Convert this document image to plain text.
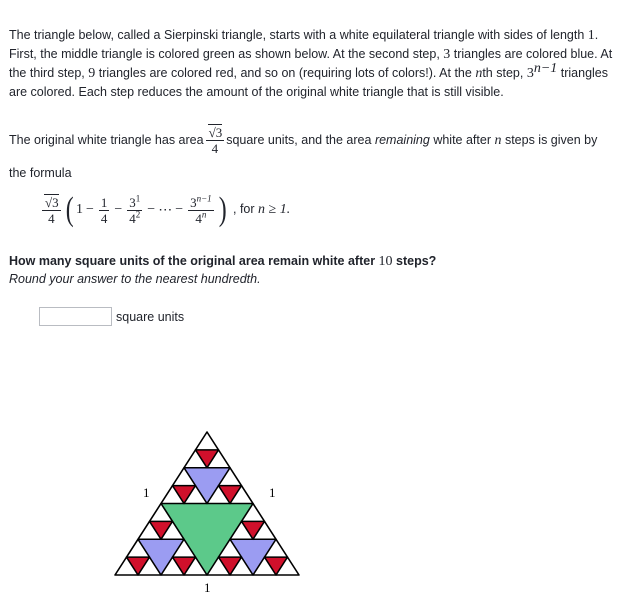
The triangle below, called a Sierpinski triangle, starts with a white equilateral triangle with sides of length 1. First, the middle triangle is colored green as shown below. At the second step, 3 triangles are colored blue. At the third step, 9 triangles are colored red, and so on (requiring lots of colors!). At the nth step, $3^{n-1}$ triangles are colored. Each step reduces the amount of the original white triangle that is still visible.

The original white triangle has area $\frac{√3}{4}$ square units, and the area remaining white after n steps is given by the formula

$\frac{√3}{4}$ ( $1 - \frac{1}{4} - \frac{3^1}{4^2}$ − ⋯ − $\frac{3^{n-1}}{4^n}$ ) , for n ≥ 1.

How many square units of the original area remain white after 10 steps?

Round your answer to the nearest hundredth.

square units
1	1
1
